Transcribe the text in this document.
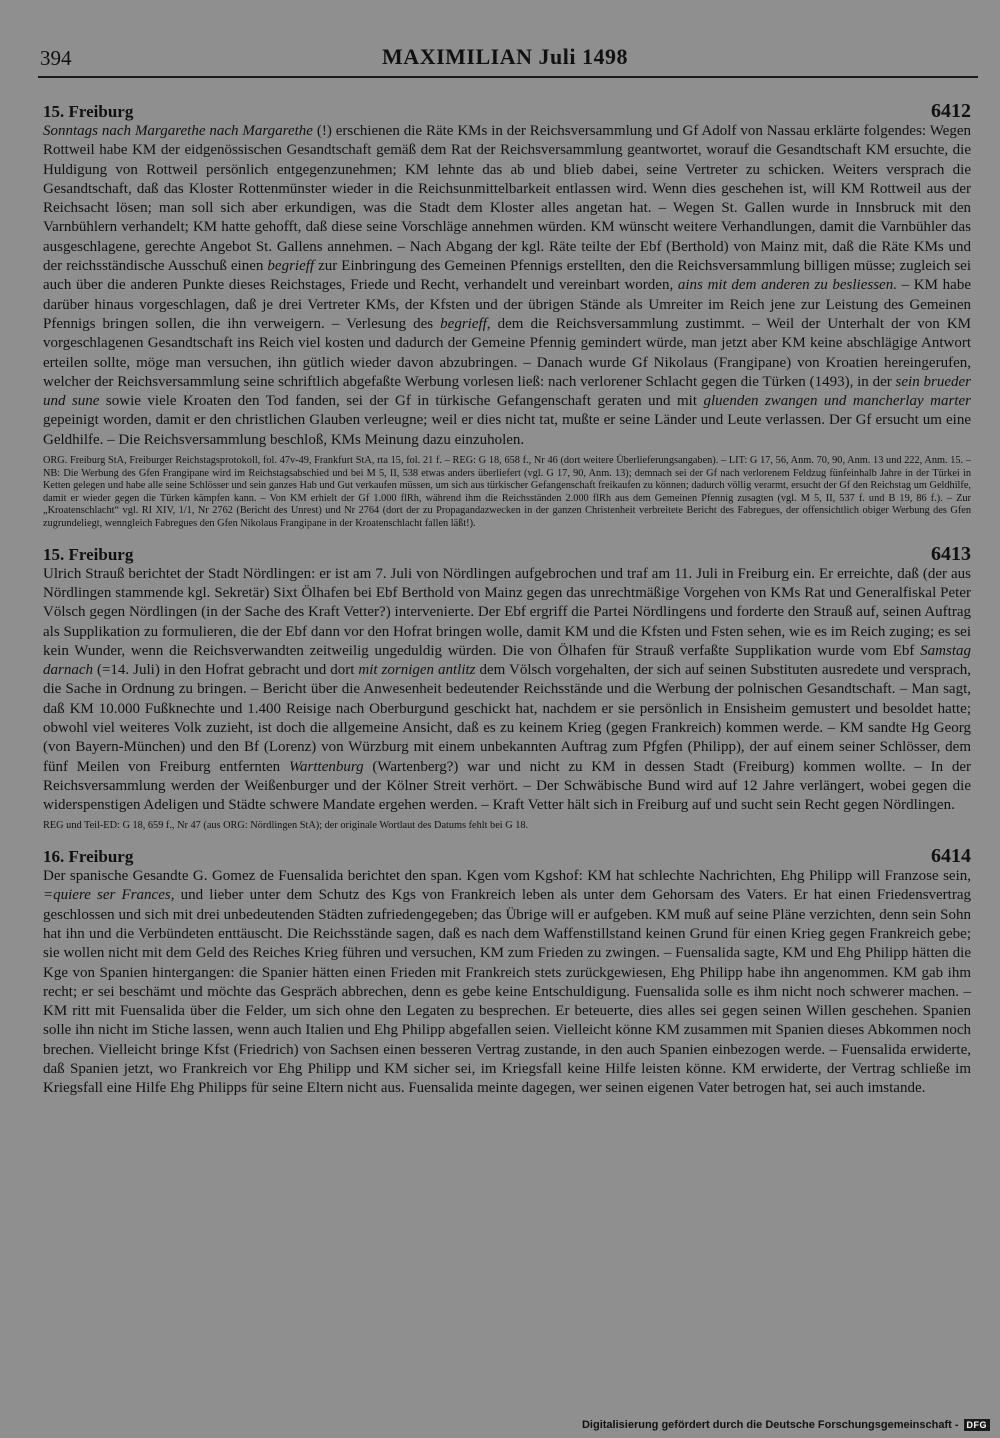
394	MAXIMILIAN Juli 1498
15. Freiburg	6412

Sonntags nach Margarethe nach Margarethe (!) erschienen die Räte KMs in der Reichsversammlung und Gf Adolf von Nassau erklärte folgendes: Wegen Rottweil habe KM der eidgenössischen Gesandtschaft gemäß dem Rat der Reichsversammlung geantwortet, worauf die Gesandtschaft KM ersuchte, die Huldigung von Rottweil persönlich entgegenzunehmen; KM lehnte das ab und blieb dabei, seine Vertreter zu schicken. Weiters versprach die Gesandtschaft, daß das Kloster Rottenmünster wieder in die Reichsunmittelbarkeit entlassen wird. Wenn dies geschehen ist, will KM Rottweil aus der Reichsacht lösen; man soll sich aber erkundigen, was die Stadt dem Kloster alles angetan hat. – Wegen St. Gallen wurde in Innsbruck mit den Varnbühlern verhandelt; KM hatte gehofft, daß diese seine Vorschläge annehmen würden. KM wünscht weitere Verhandlungen, damit die Varnbühler das ausgeschlagene, gerechte Angebot St. Gallens annehmen. – Nach Abgang der kgl. Räte teilte der Ebf (Berthold) von Mainz mit, daß die Räte KMs und der reichsständische Ausschuß einen begrieff zur Einbringung des Gemeinen Pfennigs erstellten, den die Reichsversammlung billigen müsse; zugleich sei auch über die anderen Punkte dieses Reichstages, Friede und Recht, verhandelt und vereinbart worden, ains mit dem anderen zu besliessen. – KM habe darüber hinaus vorgeschlagen, daß je drei Vertreter KMs, der Kfsten und der übrigen Stände als Umreiter im Reich jene zur Leistung des Gemeinen Pfennigs bringen sollen, die ihn verweigern. – Verlesung des begrieff, dem die Reichsversammlung zustimmt. – Weil der Unterhalt der von KM vorgeschlagenen Gesandtschaft ins Reich viel kosten und dadurch der Gemeine Pfennig gemindert würde, man jetzt aber KM keine abschlägige Antwort erteilen sollte, möge man versuchen, ihn gütlich wieder davon abzubringen. – Danach wurde Gf Nikolaus (Frangipane) von Kroatien hereingerufen, welcher der Reichsversammlung seine schriftlich abgefaßte Werbung vorlesen ließ: nach verlorener Schlacht gegen die Türken (1493), in der sein brueder und sune sowie viele Kroaten den Tod fanden, sei der Gf in türkische Gefangenschaft geraten und mit gluenden zwangen und mancherlay marter gepeinigt worden, damit er den christlichen Glauben verleugne; weil er dies nicht tat, mußte er seine Länder und Leute verlassen. Der Gf ersucht um eine Geldhilfe. – Die Reichsversammlung beschloß, KMs Meinung dazu einzuholen.

ORG. Freiburg StA, Freiburger Reichstagsprotokoll, fol. 47v-49, Frankfurt StA, rta 15, fol. 21 f. – REG: G 18, 658 f., Nr 46 (dort weitere Überlieferungsangaben). – LIT: G 17, 56, Anm. 70, 90, Anm. 13 und 222, Anm. 15. – NB: Die Werbung des Gfen Frangipane wird im Reichstagsabschied und bei M 5, II, 538 etwas anders überliefert (vgl. G 17, 90, Anm. 13); demnach sei der Gf nach verlorenem Feldzug fünfeinhalb Jahre in der Türkei in Ketten gelegen und habe alle seine Schlösser und sein ganzes Hab und Gut verkaufen müssen, um sich aus türkischer Gefangenschaft freikaufen zu können; dadurch völlig verarmt, ersucht der Gf den Reichstag um Geldhilfe, damit er wieder gegen die Türken kämpfen kann. – Von KM erhielt der Gf 1.000 flRh, während ihm die Reichsständen 2.000 flRh aus dem Gemeinen Pfennig zusagten (vgl. M 5, II, 537 f. und B 19, 86 f.). – Zur „Kroatenschlacht“ vgl. RI XIV, 1/1, Nr 2762 (Bericht des Unrest) und Nr 2764 (dort der zu Propagandazwecken in der ganzen Christenheit verbreitete Bericht des Fabregues, der offensichtlich obiger Werbung des Gfen zugrundeliegt, wenngleich Fabregues den Gfen Nikolaus Frangipane in der Kroatenschlacht fallen läßt!).

15. Freiburg	6413

Ulrich Strauß berichtet der Stadt Nördlingen: er ist am 7. Juli von Nördlingen aufgebrochen und traf am 11. Juli in Freiburg ein. Er erreichte, daß (der aus Nördlingen stammende kgl. Sekretär) Sixt Ölhafen bei Ebf Berthold von Mainz gegen das unrechtmäßige Vorgehen von KMs Rat und Generalfiskal Peter Völsch gegen Nördlingen (in der Sache des Kraft Vetter?) intervenierte. Der Ebf ergriff die Partei Nördlingens und forderte den Strauß auf, seinen Auftrag als Supplikation zu formulieren, die der Ebf dann vor den Hofrat bringen wolle, damit KM und die Kfsten und Fsten sehen, wie es im Reich zuging; es sei kein Wunder, wenn die Reichsverwandten zeitweilig ungeduldig würden. Die von Ölhafen für Strauß verfaßte Supplikation wurde vom Ebf Samstag darnach (=14. Juli) in den Hofrat gebracht und dort mit zornigen antlitz dem Völsch vorgehalten, der sich auf seinen Substituten ausredete und versprach, die Sache in Ordnung zu bringen. – Bericht über die Anwesenheit bedeutender Reichsstände und die Werbung der polnischen Gesandtschaft. – Man sagt, daß KM 10.000 Fußknechte und 1.400 Reisige nach Oberburgund geschickt hat, nachdem er sie persönlich in Ensisheim gemustert und besoldet hatte; obwohl viel weiteres Volk zuzieht, ist doch die allgemeine Ansicht, daß es zu keinem Krieg (gegen Frankreich) kommen werde. – KM sandte Hg Georg (von Bayern-München) und den Bf (Lorenz) von Würzburg mit einem unbekannten Auftrag zum Pfgfen (Philipp), der auf einem seiner Schlösser, dem fünf Meilen von Freiburg entfernten Warttenburg (Wartenberg?) war und nicht zu KM in dessen Stadt (Freiburg) kommen wollte. – In der Reichsversammlung werden der Weißenburger und der Kölner Streit verhört. – Der Schwäbische Bund wird auf 12 Jahre verlängert, wobei gegen die widerspenstigen Adeligen und Städte schwere Mandate ergehen werden. – Kraft Vetter hält sich in Freiburg auf und sucht sein Recht gegen Nördlingen.

REG und Teil-ED: G 18, 659 f., Nr 47 (aus ORG: Nördlingen StA); der originale Wortlaut des Datums fehlt bei G 18.

16. Freiburg	6414

Der spanische Gesandte G. Gomez de Fuensalida berichtet den span. Kgen vom Kgshof: KM hat schlechte Nachrichten, Ehg Philipp will Franzose sein, =quiere ser Frances, und lieber unter dem Schutz des Kgs von Frankreich leben als unter dem Gehorsam des Vaters. Er hat einen Friedensvertrag geschlossen und sich mit drei unbedeutenden Städten zufriedengegeben; das Übrige will er aufgeben. KM muß auf seine Pläne verzichten, denn sein Sohn hat ihn und die Verbündeten enttäuscht. Die Reichsstände sagen, daß es nach dem Waffenstillstand keinen Grund für einen Krieg gegen Frankreich gebe; sie wollen nicht mit dem Geld des Reiches Krieg führen und versuchen, KM zum Frieden zu zwingen. – Fuensalida sagte, KM und Ehg Philipp hätten die Kge von Spanien hintergangen: die Spanier hätten einen Frieden mit Frankreich stets zurückgewiesen, Ehg Philipp habe ihn angenommen. KM gab ihm recht; er sei beschämt und möchte das Gespräch abbrechen, denn es gebe keine Entschuldigung. Fuensalida solle es ihm nicht noch schwerer machen. – KM ritt mit Fuensalida über die Felder, um sich ohne den Legaten zu besprechen. Er beteuerte, dies alles sei gegen seinen Willen geschehen. Spanien solle ihn nicht im Stiche lassen, wenn auch Italien und Ehg Philipp abgefallen seien. Vielleicht könne KM zusammen mit Spanien dieses Abkommen noch brechen. Vielleicht bringe Kfst (Friedrich) von Sachsen einen besseren Vertrag zustande, in den auch Spanien einbezogen werde. – Fuensalida erwiderte, daß Spanien jetzt, wo Frankreich vor Ehg Philipp und KM sicher sei, im Kriegsfall keine Hilfe leisten könne. KM erwiderte, der Vertrag schließe im Kriegsfall eine Hilfe Ehg Philipps für seine Eltern nicht aus. Fuensalida meinte dagegen, wer seinen eigenen Vater betrogen hat, sei auch imstande.

Digitalisierung gefördert durch die Deutsche Forschungsgemeinschaft - DFG
